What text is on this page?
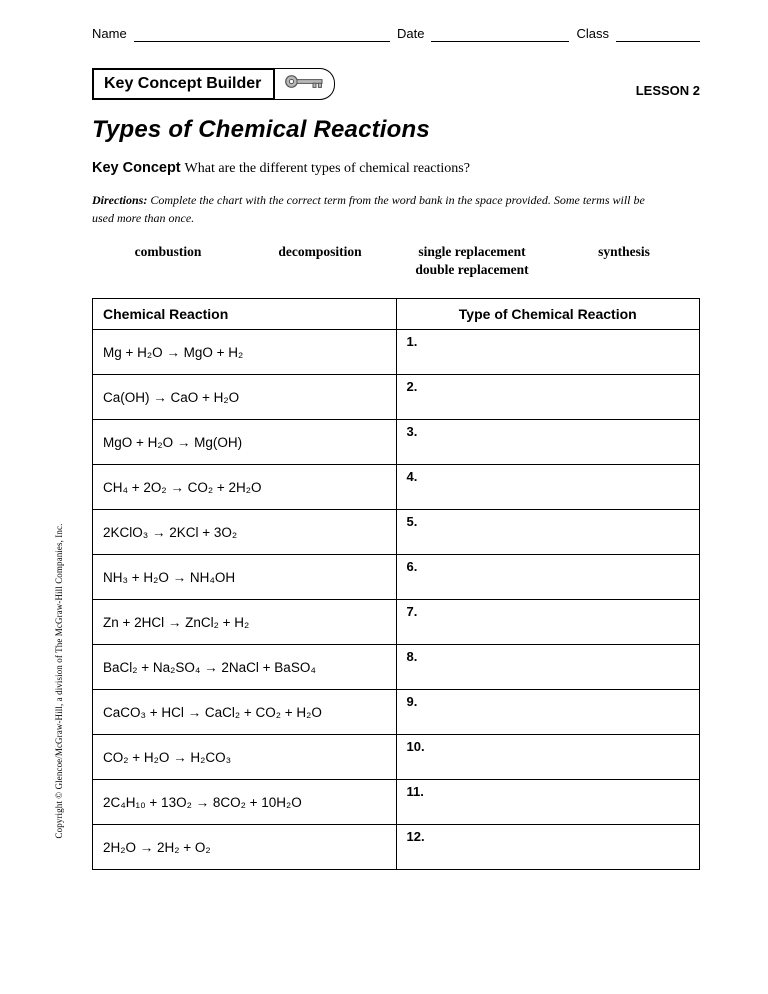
Name	Date	Class
Key Concept Builder	LESSON 2
Types of Chemical Reactions

Key Concept What are the different types of chemical reactions?

Directions: Complete the chart with the correct term from the word bank in the space provided. Some terms will be used more than once.

combustion	decomposition	single replacement
double replacement
synthesis
Chemical Reaction	Type of Chemical Reaction
Mg + H₂O → MgO + H₂	1.
Ca(OH) → CaO + H₂O	2.
MgO + H₂O → Mg(OH)	3.
CH₄ + 2O₂ → CO₂ + 2H₂O	4.
2KClO₃ → 2KCl + 3O₂	5.
NH₃ + H₂O → NH₄OH	6.
Zn + 2HCl → ZnCl₂ + H₂	7.
BaCl₂ + Na₂SO₄ → 2NaCl + BaSO₄	8.
CaCO₃ + HCl → CaCl₂ + CO₂ + H₂O	9.
CO₂ + H₂O → H₂CO₃	10.
2C₄H₁₀ + 13O₂ → 8CO₂ + 10H₂O	11.
2H₂O → 2H₂ + O₂	12.
Copyright © Glencoe/McGraw-Hill, a division of The McGraw-Hill Companies, Inc.
